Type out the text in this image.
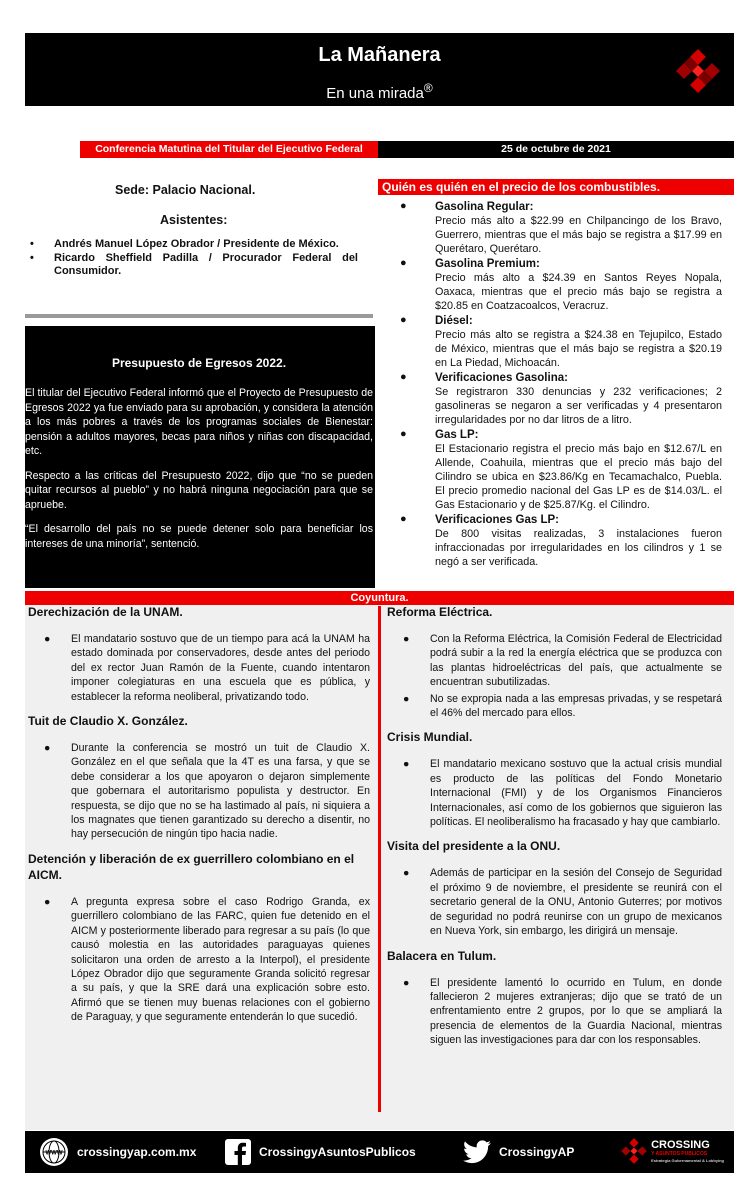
La Mañanera
En una mirada®
Conferencia Matutina del Titular del Ejecutivo Federal	25 de octubre de 2021
Sede: Palacio Nacional.
Asistentes:
• Andrés Manuel López Obrador / Presidente de México.
• Ricardo Sheffield Padilla / Procurador Federal del Consumidor.
Presupuesto de Egresos 2022.

El titular del Ejecutivo Federal informó que el Proyecto de Presupuesto de Egresos 2022 ya fue enviado para su aprobación, y considera la atención a los más pobres a través de los programas sociales de Bienestar: pensión a adultos mayores, becas para niños y niñas con discapacidad, etc.

Respecto a las críticas del Presupuesto 2022, dijo que “no se pueden quitar recursos al pueblo” y no habrá ninguna negociación para que se apruebe.

“El desarrollo del país no se puede detener solo para beneficiar los intereses de una minoría”, sentenció.

Quién es quién en el precio de los combustibles.
●	Gasolina Regular:
Precio más alto a $22.99 en Chilpancingo de los Bravo, Guerrero, mientras que el más bajo se registra a $17.99 en Querétaro, Querétaro.
●	Gasolina Premium:
Precio más alto a $24.39 en Santos Reyes Nopala, Oaxaca, mientras que el precio más bajo se registra a $20.85 en Coatzacoalcos, Veracruz.
●	Diésel:
Precio más alto se registra a $24.38 en Tejupilco, Estado de México, mientras que el más bajo se registra a $20.19 en La Piedad, Michoacán.
●	Verificaciones Gasolina:
Se registraron 330 denuncias y 232 verificaciones; 2 gasolineras se negaron a ser verificadas y 4 presentaron irregularidades por no dar litros de a litro.
●	Gas LP:
El Estacionario registra el precio más bajo en $12.67/L en Allende, Coahuila, mientras que el precio más bajo del Cilindro se ubica en $23.86/Kg en Tecamachalco, Puebla. El precio promedio nacional del Gas LP es de $14.03/L. el Gas Estacionario y de $25.87/Kg. el Cilindro.
●	Verificaciones Gas LP:
De 800 visitas realizadas, 3 instalaciones fueron infraccionadas por irregularidades en los cilindros y 1 se negó a ser verificada.
Coyuntura.
Derechización de la UNAM.
● El mandatario sostuvo que de un tiempo para acá la UNAM ha estado dominada por conservadores, desde antes del periodo del ex rector Juan Ramón de la Fuente, cuando intentaron imponer colegiaturas en una escuela que es pública, y establecer la reforma neoliberal, privatizando todo.
Tuit de Claudio X. González.
● Durante la conferencia se mostró un tuit de Claudio X. González en el que señala que la 4T es una farsa, y que se debe considerar a los que apoyaron o dejaron simplemente que gobernara el autoritarismo populista y destructor. En respuesta, se dijo que no se ha lastimado al país, ni siquiera a los magnates que tienen garantizado su derecho a disentir, no hay persecución de ningún tipo hacia nadie.
Detención y liberación de ex guerrillero colombiano en el AICM.
● A pregunta expresa sobre el caso Rodrigo Granda, ex guerrillero colombiano de las FARC, quien fue detenido en el AICM y posteriormente liberado para regresar a su país (lo que causó molestia en las autoridades paraguayas quienes solicitaron una orden de arresto a la Interpol), el presidente López Obrador dijo que seguramente Granda solicitó regresar a su país, y que la SRE dará una explicación sobre esto. Afirmó que se tienen muy buenas relaciones con el gobierno de Paraguay, y que seguramente entenderán lo que sucedió.
Reforma Eléctrica.
● Con la Reforma Eléctrica, la Comisión Federal de Electricidad podrá subir a la red la energía eléctrica que se produzca con las plantas hidroeléctricas del país, que actualmente se encuentran subutilizadas.
● No se expropia nada a las empresas privadas, y se respetará el 46% del mercado para ellos.
Crisis Mundial.
● El mandatario mexicano sostuvo que la actual crisis mundial es producto de las políticas del Fondo Monetario Internacional (FMI) y de los Organismos Financieros Internacionales, así como de los gobiernos que siguieron las políticas. El neoliberalismo ha fracasado y hay que cambiarlo.
Visita del presidente a la ONU.
● Además de participar en la sesión del Consejo de Seguridad el próximo 9 de noviembre, el presidente se reunirá con el secretario general de la ONU, Antonio Guterres; por motivos de seguridad no podrá reunirse con un grupo de mexicanos en Nueva York, sin embargo, les dirigirá un mensaje.
Balacera en Tulum.
● El presidente lamentó lo ocurrido en Tulum, en donde fallecieron 2 mujeres extranjeras; dijo que se trató de un enfrentamiento entre 2 grupos, por lo que se ampliará la presencia de elementos de la Guardia Nacional, mientras siguen las investigaciones para dar con los responsables.
WWW crossingyap.com.mx	CrossingyAsuntosPublicos	CrossingyAP
CROSSING
Y ASUNTOS PUBLICOS
Estrategia Gubernamental & Lobbying
